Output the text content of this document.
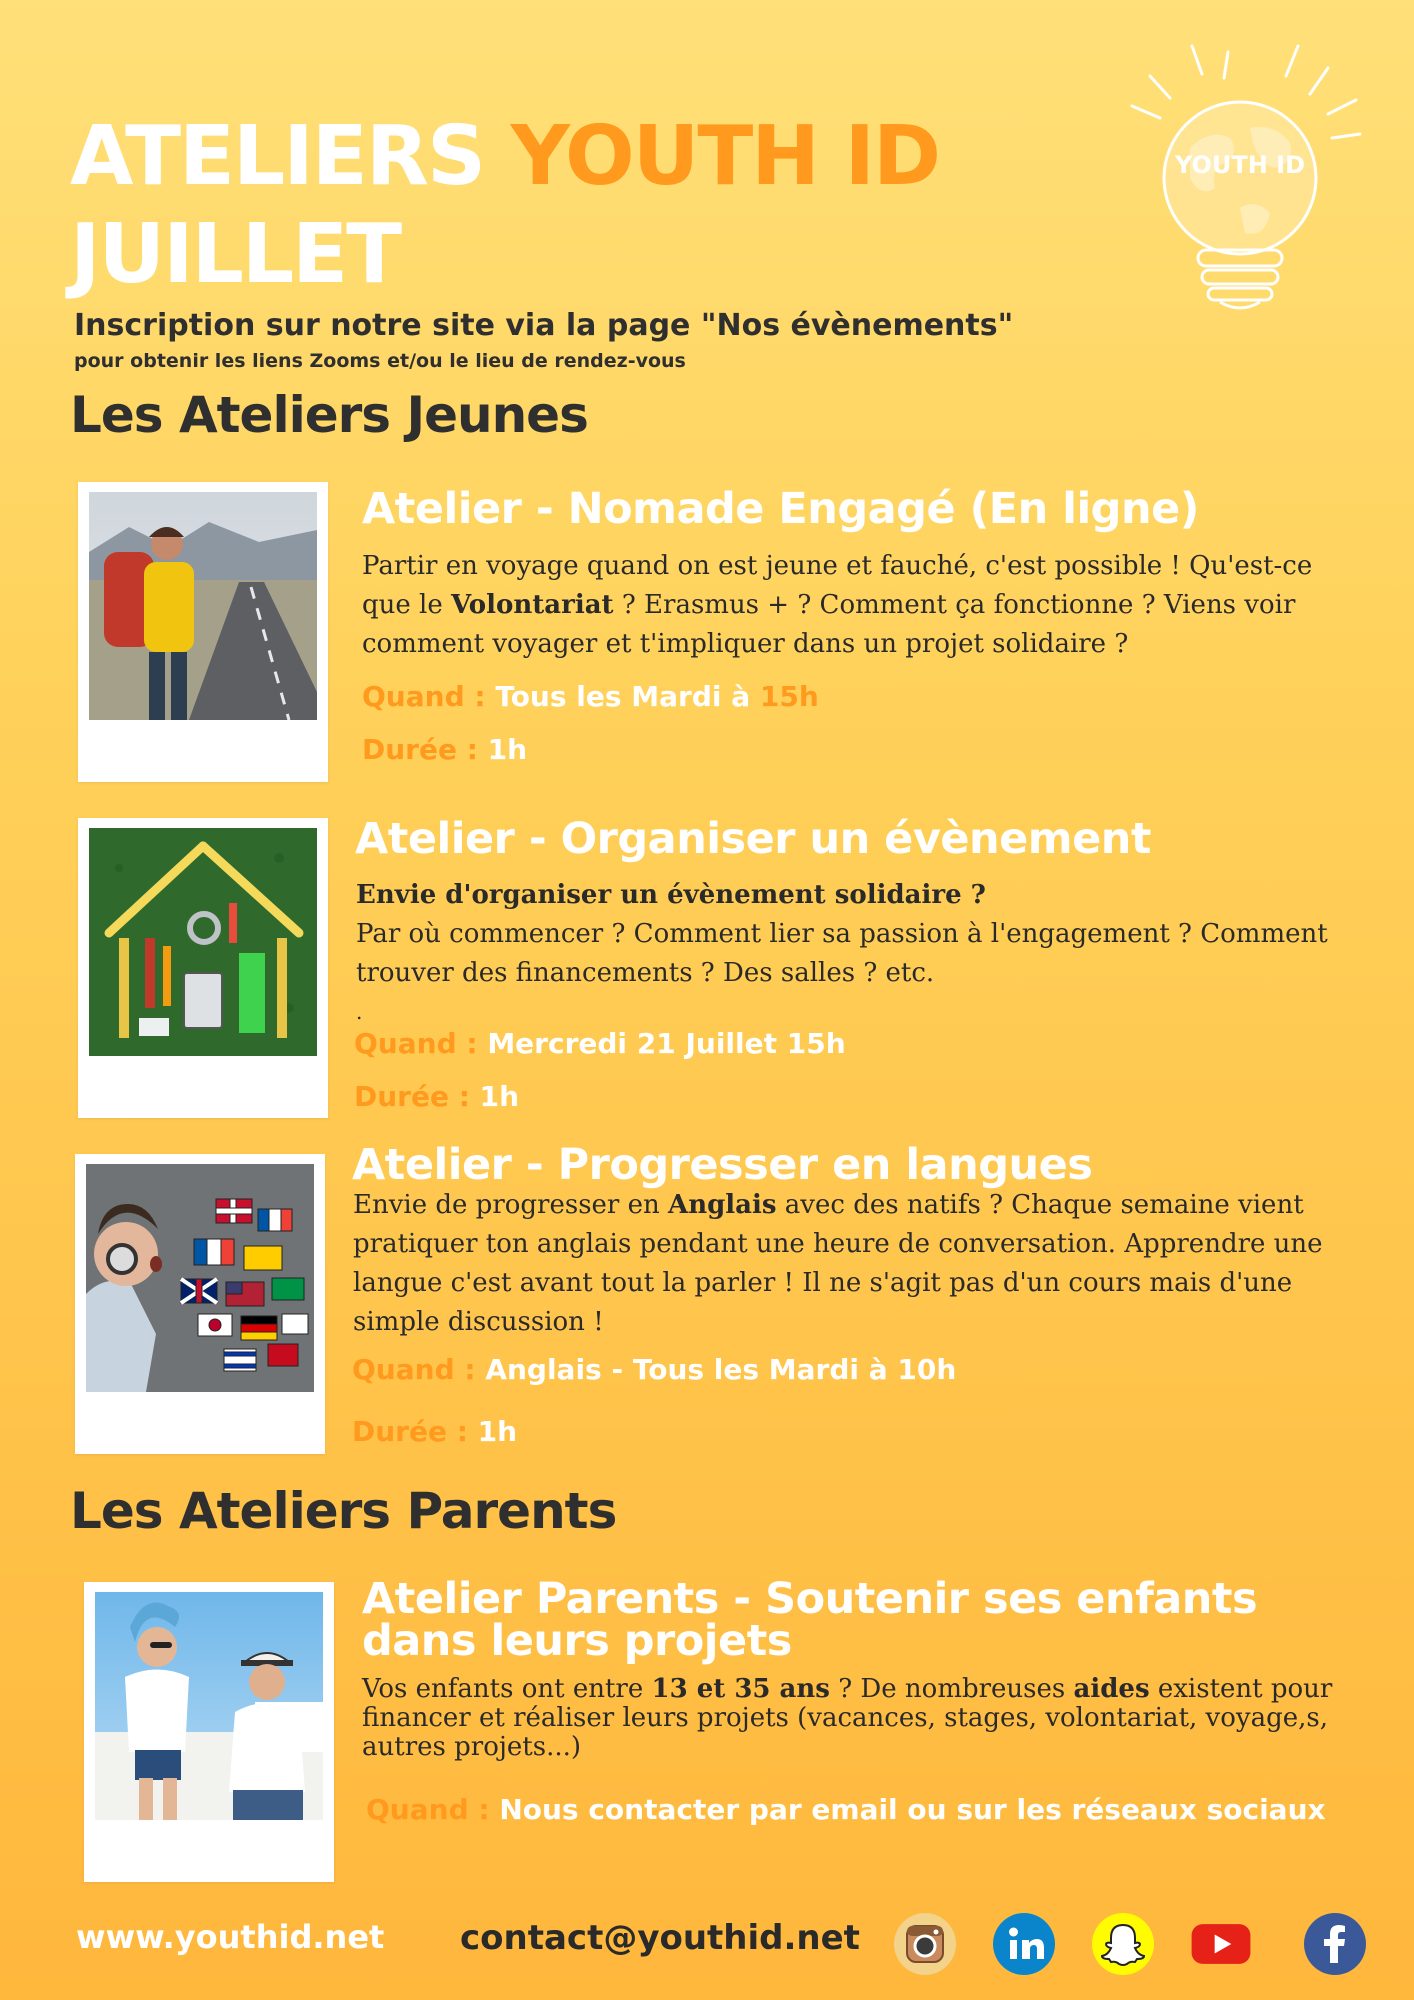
ATELIERS YOUTH ID
JUILLET

Inscription sur notre site via la page "Nos évènements"

pour obtenir les liens Zooms et/ou le lieu de rendez-vous

YOUTH ID
Les Ateliers Jeunes
Atelier - Nomade Engagé (En ligne)

Partir en voyage quand on est jeune et fauché, c'est possible ! Qu'est-ce que le Volontariat ? Erasmus + ? Comment ça fonctionne ? Viens voir comment voyager et t'impliquer dans un projet solidaire ?

Quand : Tous les Mardi à 15h

Durée : 1h

Atelier - Organiser un évènement

Envie d'organiser un évènement solidaire ?

Par où commencer ? Comment lier sa passion à l'engagement ? Comment trouver des financements ? Des salles ? etc.

.

Quand : Mercredi 21 Juillet 15h

Durée : 1h

Atelier - Progresser en langues

Envie de progresser en Anglais avec des natifs ? Chaque semaine vient pratiquer ton anglais pendant une heure de conversation. Apprendre une langue c'est avant tout la parler ! Il ne s'agit pas d'un cours mais d'une simple discussion !

Quand : Anglais - Tous les Mardi à 10h

Durée : 1h

Les Ateliers Parents
Atelier Parents - Soutenir ses enfants
dans leurs projets

Vos enfants ont entre 13 et 35 ans ? De nombreuses aides existent pour financer et réaliser leurs projets (vacances, stages, volontariat, voyage,s, autres projets...)

Quand : Nous contacter par email ou sur les réseaux sociaux

www.youthid.net contact@youthid.net
